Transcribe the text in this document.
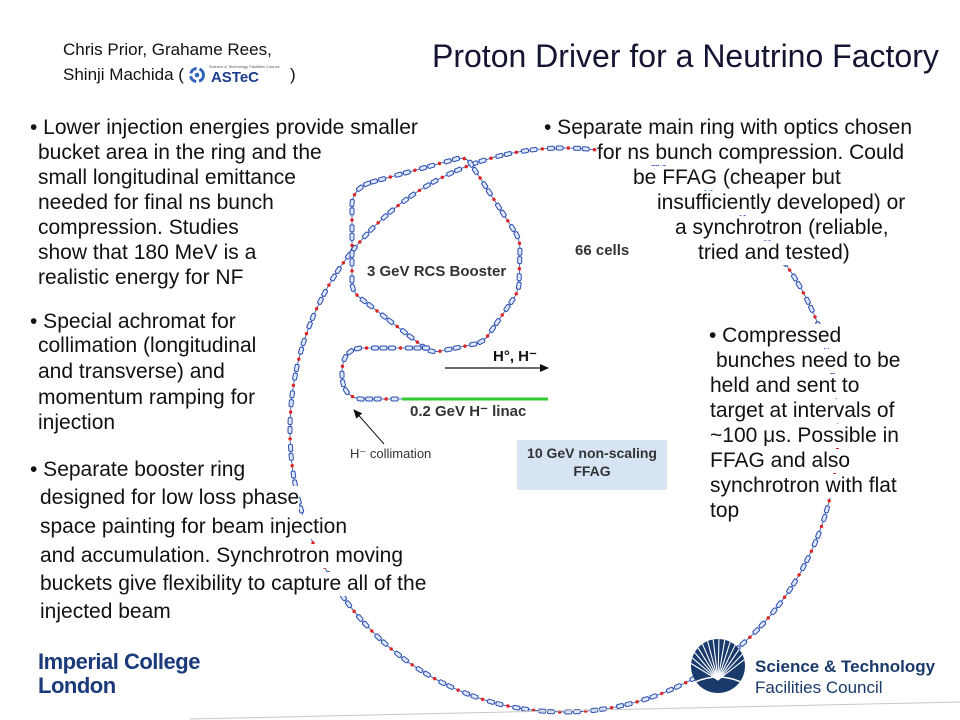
3 GeV RCS Booster
66 cells
H°, H⁻
0.2 GeV H⁻ linac
H⁻ collimation	10 GeV non-scaling
FFAG
Chris Prior, Grahame Rees,
Shinji Machida (	Science & Technology Facilities Council
ASTeC )
Proton Driver for a Neutrino Factory
• Lower injection energies provide smaller
bucket area in the ring and the
small longitudinal emittance
needed for final ns bunch
compression. Studies
show that 180 MeV is a
realistic energy for NF
• Special achromat for
collimation (longitudinal
and transverse) and
momentum ramping for
injection
• Separate booster ring
designed for low loss phase
space painting for beam injection
and accumulation. Synchrotron moving
buckets give flexibility to capture all of the
injected beam
• Separate main ring with optics chosen
for ns bunch compression. Could
be FFAG (cheaper but
insufficiently developed) or
a synchrotron (reliable,
tried and tested)
• Compressed
bunches need to be
held and sent to
target at intervals of
~100 μs. Possible in
FFAG and also
synchrotron with flat
top
Imperial College
London
Science & Technology
Facilities Council
